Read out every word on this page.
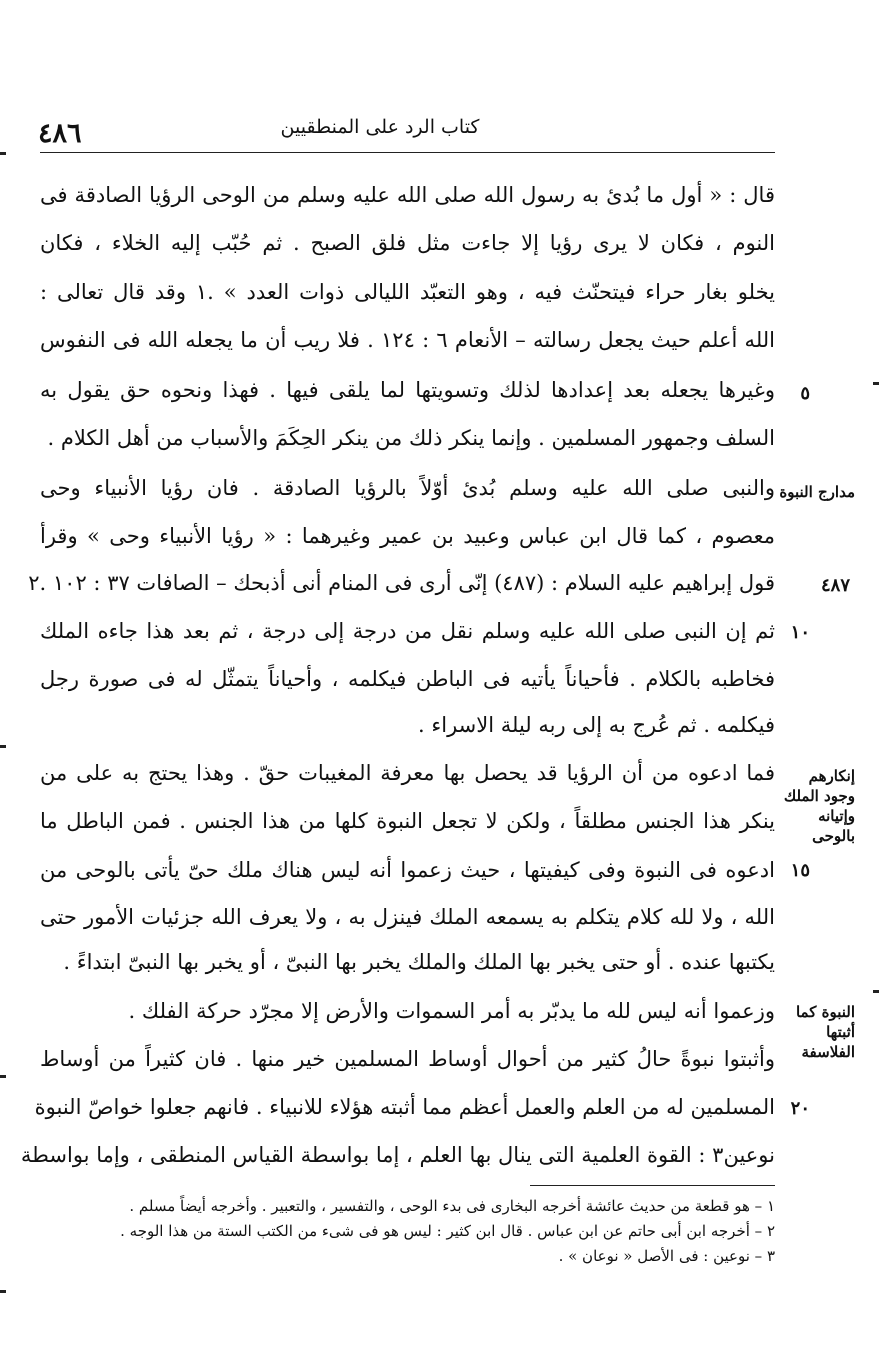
٤٨٦	كتاب الرد على المنطقيين
قال : « أول ما بُدئ به رسول الله صلى الله عليه وسلم من الوحى الرؤيا الصادقة فى
النوم ، فكان لا يرى رؤيا إلا جاءت مثل فلق الصبح . ثم حُبّب إليه الخلاء ، فكان
يخلو بغار حراء فيتحنّث فيه ، وهو التعبّد الليالى ذوات العدد » .١ وقد قال تعالى :
الله أعلم حيث يجعل رسالته – الأنعام ٦ : ١٢٤ . فلا ريب أن ما يجعله الله فى النفوس
وغيرها يجعله بعد إعدادها لذلك وتسويتها لما يلقى فيها . فهذا ونحوه حق يقول به
السلف وجمهور المسلمين . وإنما ينكر ذلك من ينكر الحِكَمَ والأسباب من أهل الكلام .
والنبى صلى الله عليه وسلم بُدئ أوّلاً بالرؤيا الصادقة . فان رؤيا الأنبياء وحى
معصوم ، كما قال ابن عباس وعبيد بن عمير وغيرهما : « رؤيا الأنبياء وحى » وقرأ
قول إبراهيم عليه السلام : (٤٨٧) إنّى أرى فى المنام أنى أذبحك – الصافات ٣٧ : ١٠٢ .٢
ثم إن النبى صلى الله عليه وسلم نقل من درجة إلى درجة ، ثم بعد هذا جاءه الملك
فخاطبه بالكلام . فأحياناً يأتيه فى الباطن فيكلمه ، وأحياناً يتمثّل له فى صورة رجل
فيكلمه . ثم عُرج به إلى ربه ليلة الاسراء .
فما ادعوه من أن الرؤيا قد يحصل بها معرفة المغيبات حقّ . وهذا يحتج به على من
ينكر هذا الجنس مطلقاً ، ولكن لا تجعل النبوة كلها من هذا الجنس . فمن الباطل ما
ادعوه فى النبوة وفى كيفيتها ، حيث زعموا أنه ليس هناك ملك حىّ يأتى بالوحى من
الله ، ولا لله كلام يتكلم به يسمعه الملك فينزل به ، ولا يعرف الله جزئيات الأمور حتى
يكتبها عنده . أو حتى يخبر بها الملك والملك يخبر بها النبىّ ، أو يخبر بها النبىّ ابتداءً .
وزعموا أنه ليس لله ما يدبّر به أمر السموات والأرض إلا مجرّد حركة الفلك .
وأثبتوا نبوةً حالُ كثير من أحوال أوساط المسلمين خير منها . فان كثيراً من أوساط
المسلمين له من العلم والعمل أعظم مما أثبته هؤلاء للانبياء . فانهم جعلوا خواصّ النبوة
نوعين٣ : القوة العلمية التى ينال بها العلم ، إما بواسطة القياس المنطقى ، وإما بواسطة
٥
١٠
١٥
٢٠
٤٨٧
مدارج النبوة
إنكارهم وجود الملك وإتيانه بالوحى
النبوة كما أثبتها الفلاسفة
١ – هو قطعة من حديث عائشة أخرجه البخارى فى بدء الوحى ، والتفسير ، والتعبير . وأخرجه أيضاً مسلم .
٢ – أخرجه ابن أبى حاتم عن ابن عباس . قال ابن كثير : ليس هو فى شىء من الكتب الستة من هذا الوجه .
٣ – نوعين : فى الأصل « نوعان » .
